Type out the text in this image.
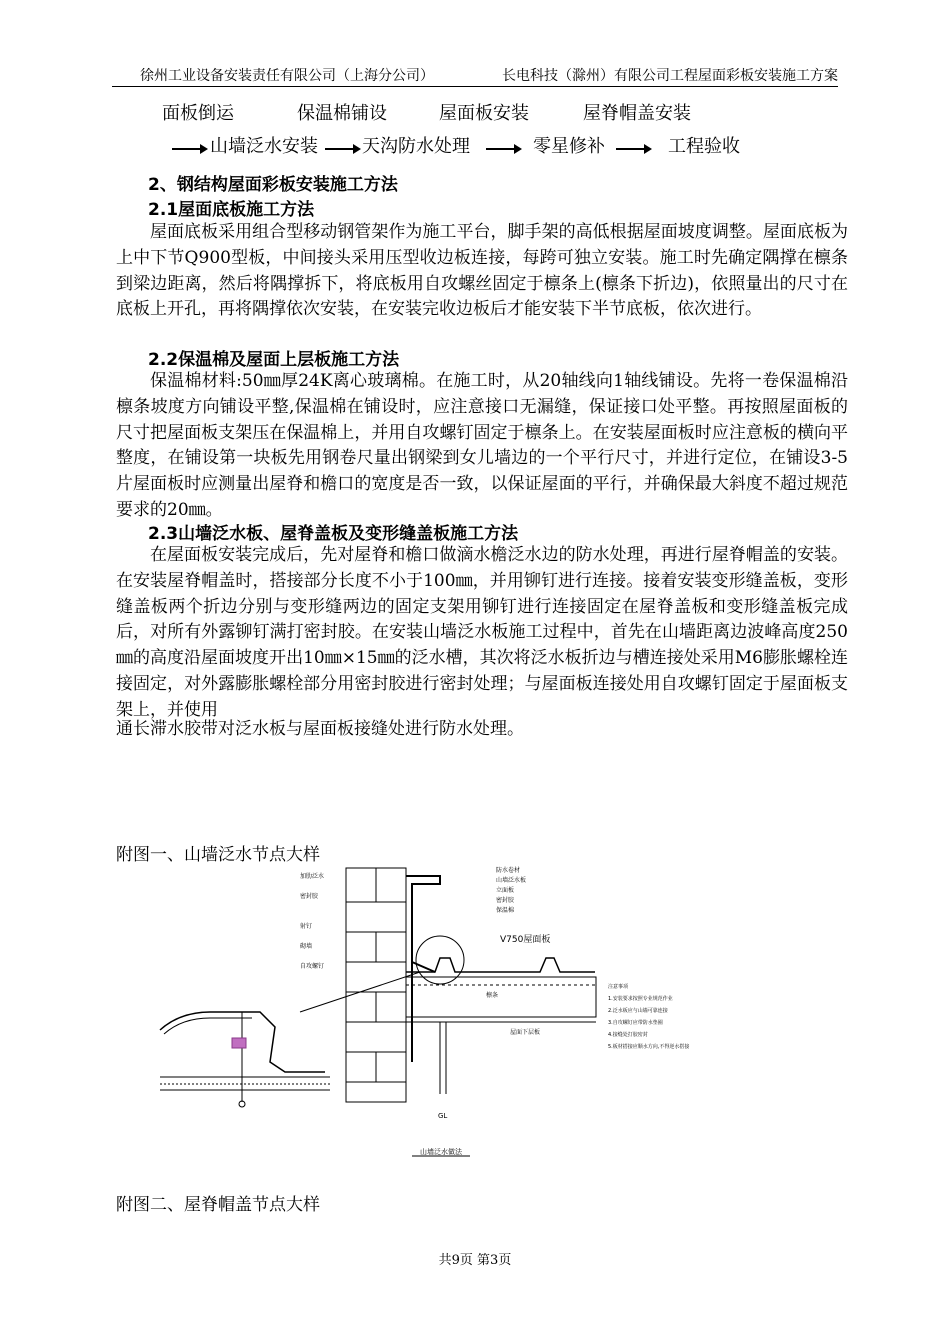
徐州工业设备安装责任有限公司（上海分公司）	长电科技（滁州）有限公司工程屋面彩板安装施工方案
面板倒运	保温棉铺设	屋面板安装	屋脊帽盖安装
山墙泛水安装 天沟防水处理	零星修补	工程验收
2、钢结构屋面彩板安装施工方法
2.1屋面底板施工方法
屋面底板采用组合型移动钢管架作为施工平台，脚手架的高低根据屋面坡度调整。屋面底板为上中下节Q900型板，中间接头采用压型收边板连接，每跨可独立安装。施工时先确定隅撑在檩条到梁边距离，然后将隅撑拆下，将底板用自攻螺丝固定于檩条上(檩条下折边)，依照量出的尺寸在底板上开孔，再将隅撑依次安装，在安装完收边板后才能安装下半节底板，依次进行。
2.2保温棉及屋面上层板施工方法
保温棉材料:50㎜厚24K离心玻璃棉。在施工时，从20轴线向1轴线铺设。先将一卷保温棉沿檩条坡度方向铺设平整,保温棉在铺设时，应注意接口无漏缝，保证接口处平整。再按照屋面板的尺寸把屋面板支架压在保温棉上，并用自攻螺钉固定于檩条上。在安装屋面板时应注意板的横向平整度，在铺设第一块板先用钢卷尺量出钢梁到女儿墙边的一个平行尺寸，并进行定位，在铺设3-5片屋面板时应测量出屋脊和檐口的宽度是否一致，以保证屋面的平行，并确保最大斜度不超过规范要求的20㎜。
2.3山墙泛水板、屋脊盖板及变形缝盖板施工方法
在屋面板安装完成后，先对屋脊和檐口做滴水檐泛水边的防水处理，再进行屋脊帽盖的安装。在安装屋脊帽盖时，搭接部分长度不小于100㎜，并用铆钉进行连接。接着安装变形缝盖板，变形缝盖板两个折边分别与变形缝两边的固定支架用铆钉进行连接固定在屋脊盖板和变形缝盖板完成后，对所有外露铆钉满打密封胶。在安装山墙泛水板施工过程中，首先在山墙距离边波峰高度250㎜的高度沿屋面坡度开出10㎜×15㎜的泛水槽，其次将泛水板折边与槽连接处采用M6膨胀螺栓连接固定，对外露膨胀螺栓部分用密封胶进行密封处理；与屋面板连接处用自攻螺钉固定于屋面板支架上，并使用
通长滞水胶带对泛水板与屋面板接缝处进行防水处理。
附图一、山墙泛水节点大样
加肋泛水
密封胶
射钉
砌墙
自攻螺钉
防水卷材
山墙泛水板
立面板
密封胶
保温棉
V750屋面板
檩条
屋面下层板
GL
山墙泛水做法
注意事项
1.安装要求按照专业规范作业
2.泛水板应与山墙可靠连接
3.自攻螺钉应带防水垫圈
4.接缝处打胶密封
5.板材搭接应顺水方向,不得逆水搭接
附图二、屋脊帽盖节点大样
共9页 第3页
